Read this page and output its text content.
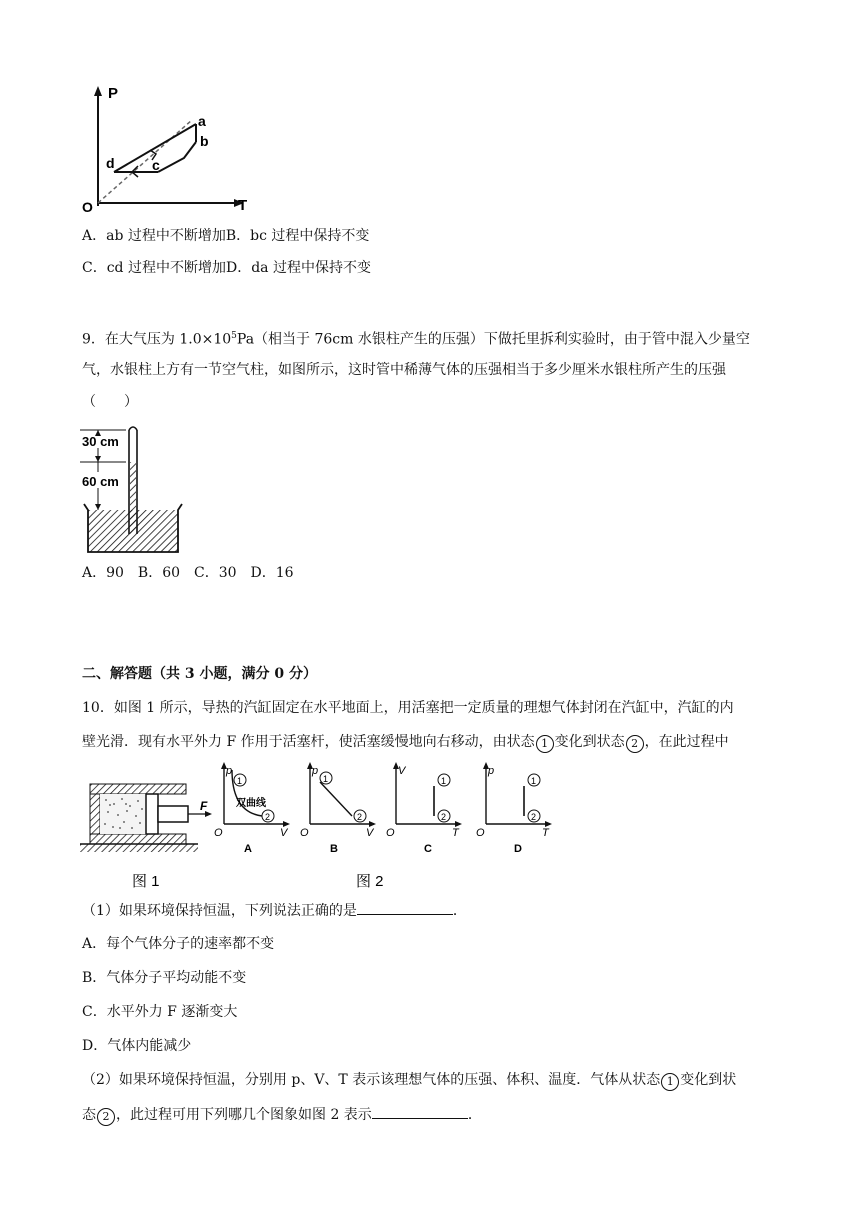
P
T
O
a
b
c
d
A．ab 过程中不断增加B．bc 过程中保持不变
C．cd 过程中不断增加D．da 过程中保持不变
9．在大气压为 $1.0\times 10^5Pa$（相当于 76cm 水银柱产生的压强）下做托里拆利实验时，由于管中混入少量空
气，水银柱上方有一节空气柱，如图所示，这时管中稀薄气体的压强相当于多少厘米水银柱所产生的压强
（　　）
30 cm
60 cm
A．90　B．60　C．30　D．16
二、解答题（共 3 小题，满分 0 分）
10．如图 1 所示，导热的汽缸固定在水平地面上，用活塞把一定质量的理想气体封闭在汽缸中，汽缸的内
壁光滑．现有水平外力 F 作用于活塞杆，使活塞缓慢地向右移动，由状态 1 变化到状态 2 ，在此过程中
F
图 1
p
V
O
1
2
双曲线
A
p
V
O
1
2
B
V
T
O
1
2
C
p
T
O
1
2
D
图 2
（1）如果环境保持恒温，下列说法正确的是	．
A．每个气体分子的速率都不变
B．气体分子平均动能不变
C．水平外力 F 逐渐变大
D．气体内能减少
（2）如果环境保持恒温，分别用 p、V、T 表示该理想气体的压强、体积、温度．气体从状态 1 变化到状
态 2 ，此过程可用下列哪几个图象如图 2 表示	．
